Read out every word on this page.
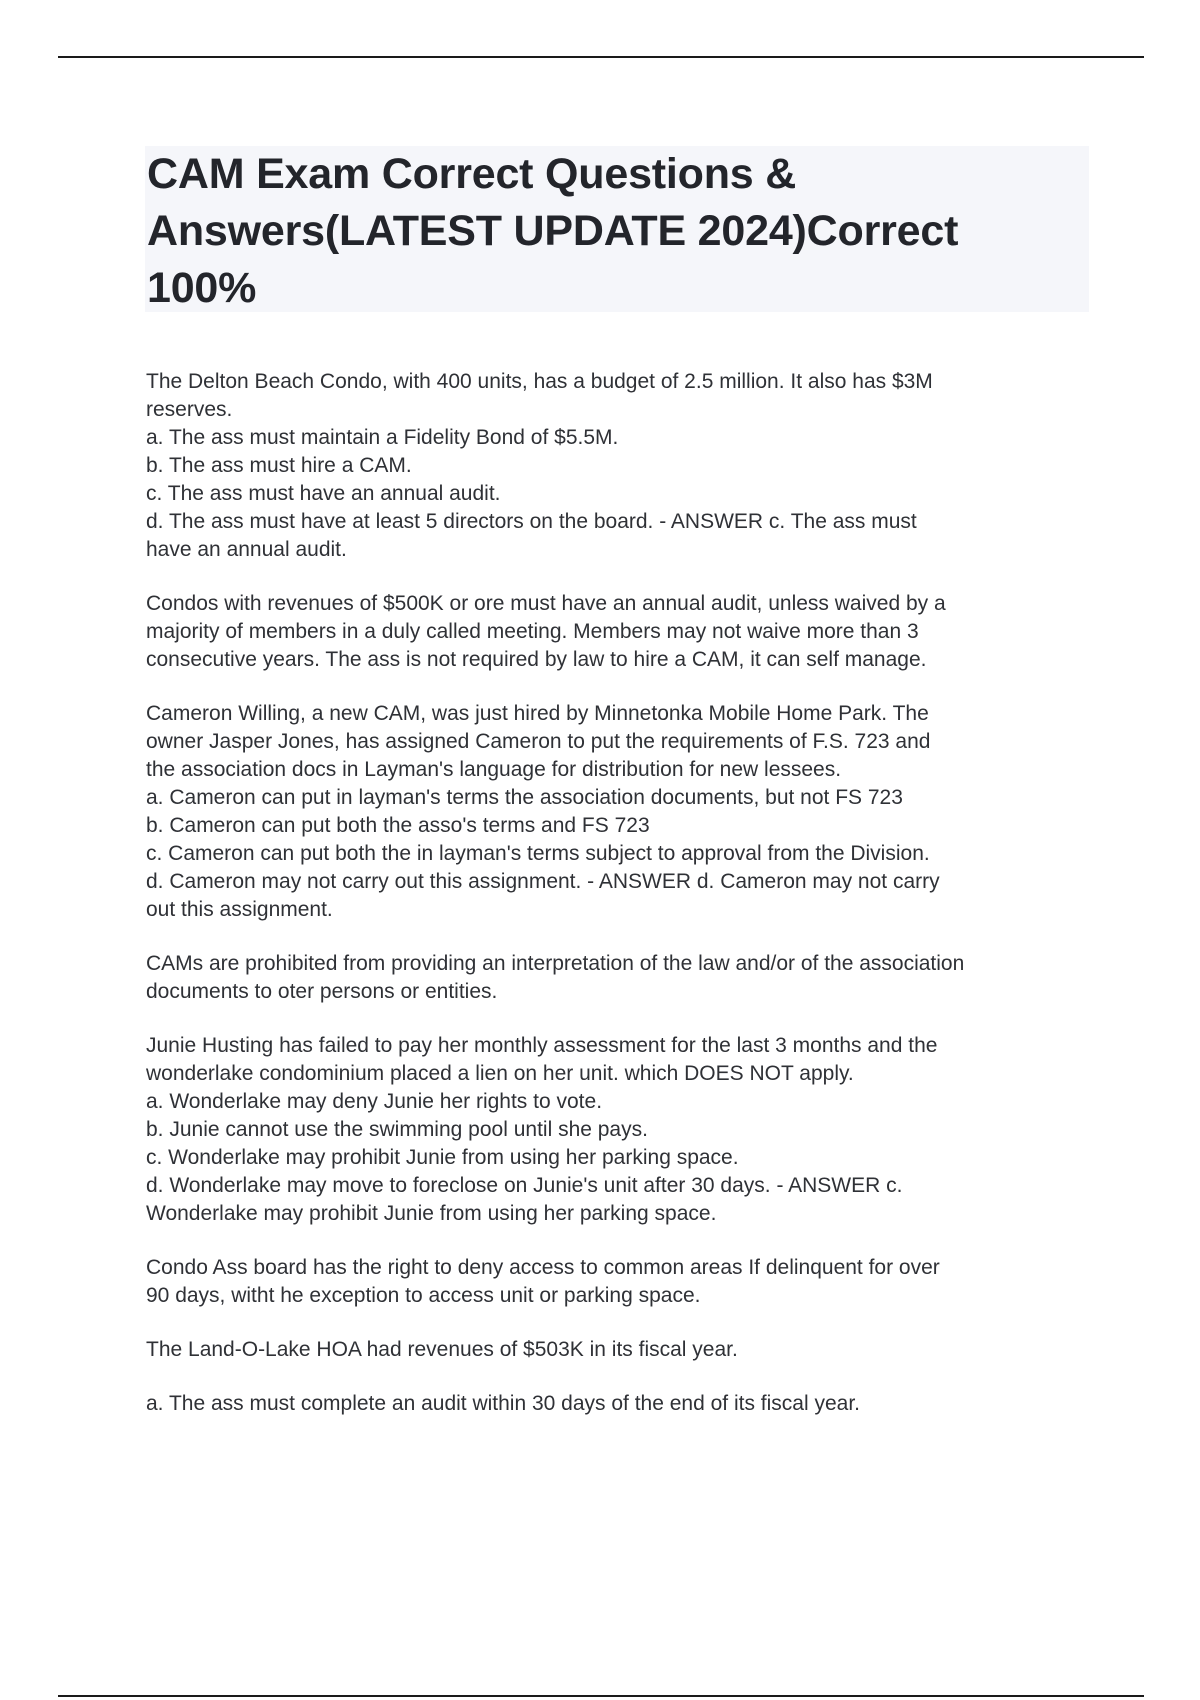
CAM Exam Correct Questions &
Answers(LATEST UPDATE 2024)Correct
100%

The Delton Beach Condo, with 400 units, has a budget of 2.5 million. It also has $3M
reserves.
a. The ass must maintain a Fidelity Bond of $5.5M.
b. The ass must hire a CAM.
c. The ass must have an annual audit.
d. The ass must have at least 5 directors on the board. - ANSWER c. The ass must
have an annual audit.

Condos with revenues of $500K or ore must have an annual audit, unless waived by a
majority of members in a duly called meeting. Members may not waive more than 3
consecutive years. The ass is not required by law to hire a CAM, it can self manage.

Cameron Willing, a new CAM, was just hired by Minnetonka Mobile Home Park. The
owner Jasper Jones, has assigned Cameron to put the requirements of F.S. 723 and
the association docs in Layman's language for distribution for new lessees.
a. Cameron can put in layman's terms the association documents, but not FS 723
b. Cameron can put both the asso's terms and FS 723
c. Cameron can put both the in layman's terms subject to approval from the Division.
d. Cameron may not carry out this assignment. - ANSWER d. Cameron may not carry
out this assignment.

CAMs are prohibited from providing an interpretation of the law and/or of the association
documents to oter persons or entities.

Junie Husting has failed to pay her monthly assessment for the last 3 months and the
wonderlake condominium placed a lien on her unit. which DOES NOT apply.
a. Wonderlake may deny Junie her rights to vote.
b. Junie cannot use the swimming pool until she pays.
c. Wonderlake may prohibit Junie from using her parking space.
d. Wonderlake may move to foreclose on Junie's unit after 30 days. - ANSWER c.
Wonderlake may prohibit Junie from using her parking space.

Condo Ass board has the right to deny access to common areas If delinquent for over
90 days, witht he exception to access unit or parking space.

The Land-O-Lake HOA had revenues of $503K in its fiscal year.

a. The ass must complete an audit within 30 days of the end of its fiscal year.
